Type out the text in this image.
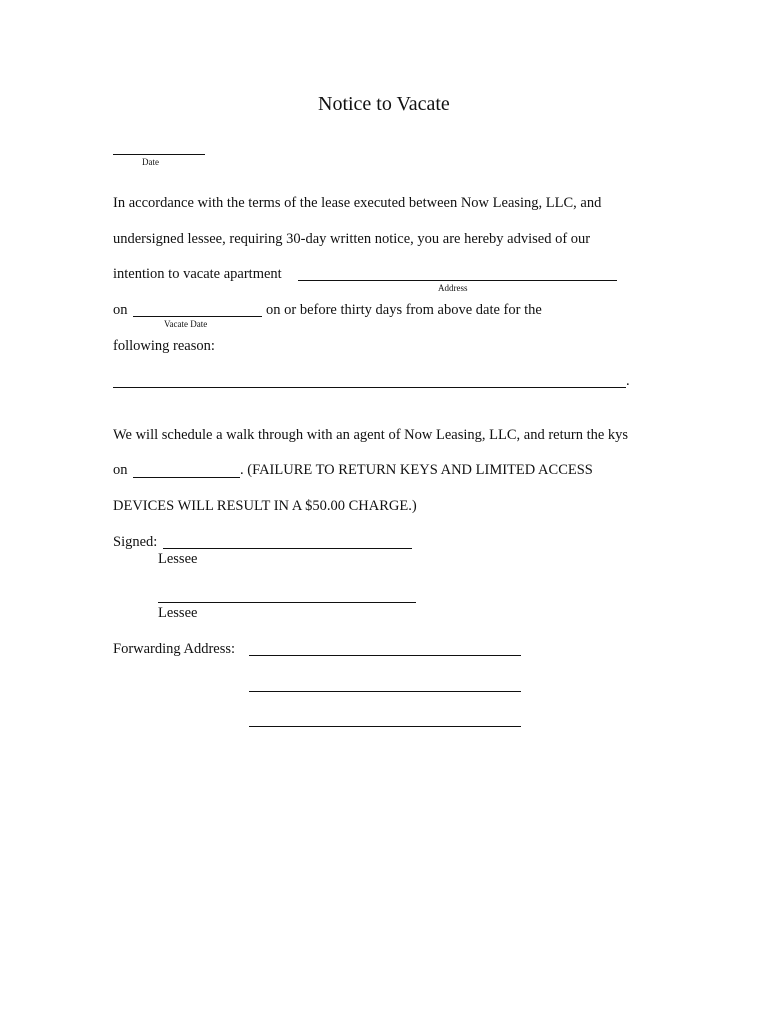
Notice to Vacate
Date
In accordance with the terms of the lease executed between Now Leasing, LLC, and
undersigned lessee, requiring 30-day written notice, you are hereby advised of our
intention to vacate apartment
Address
on	on or before thirty days from above date for the
Vacate Date
following reason:
.
We will schedule a walk through with an agent of Now Leasing, LLC, and return the kys
on	. (FAILURE TO RETURN KEYS AND LIMITED ACCESS
DEVICES WILL RESULT IN A $50.00 CHARGE.)
Signed:
Lessee
Lessee
Forwarding Address:
